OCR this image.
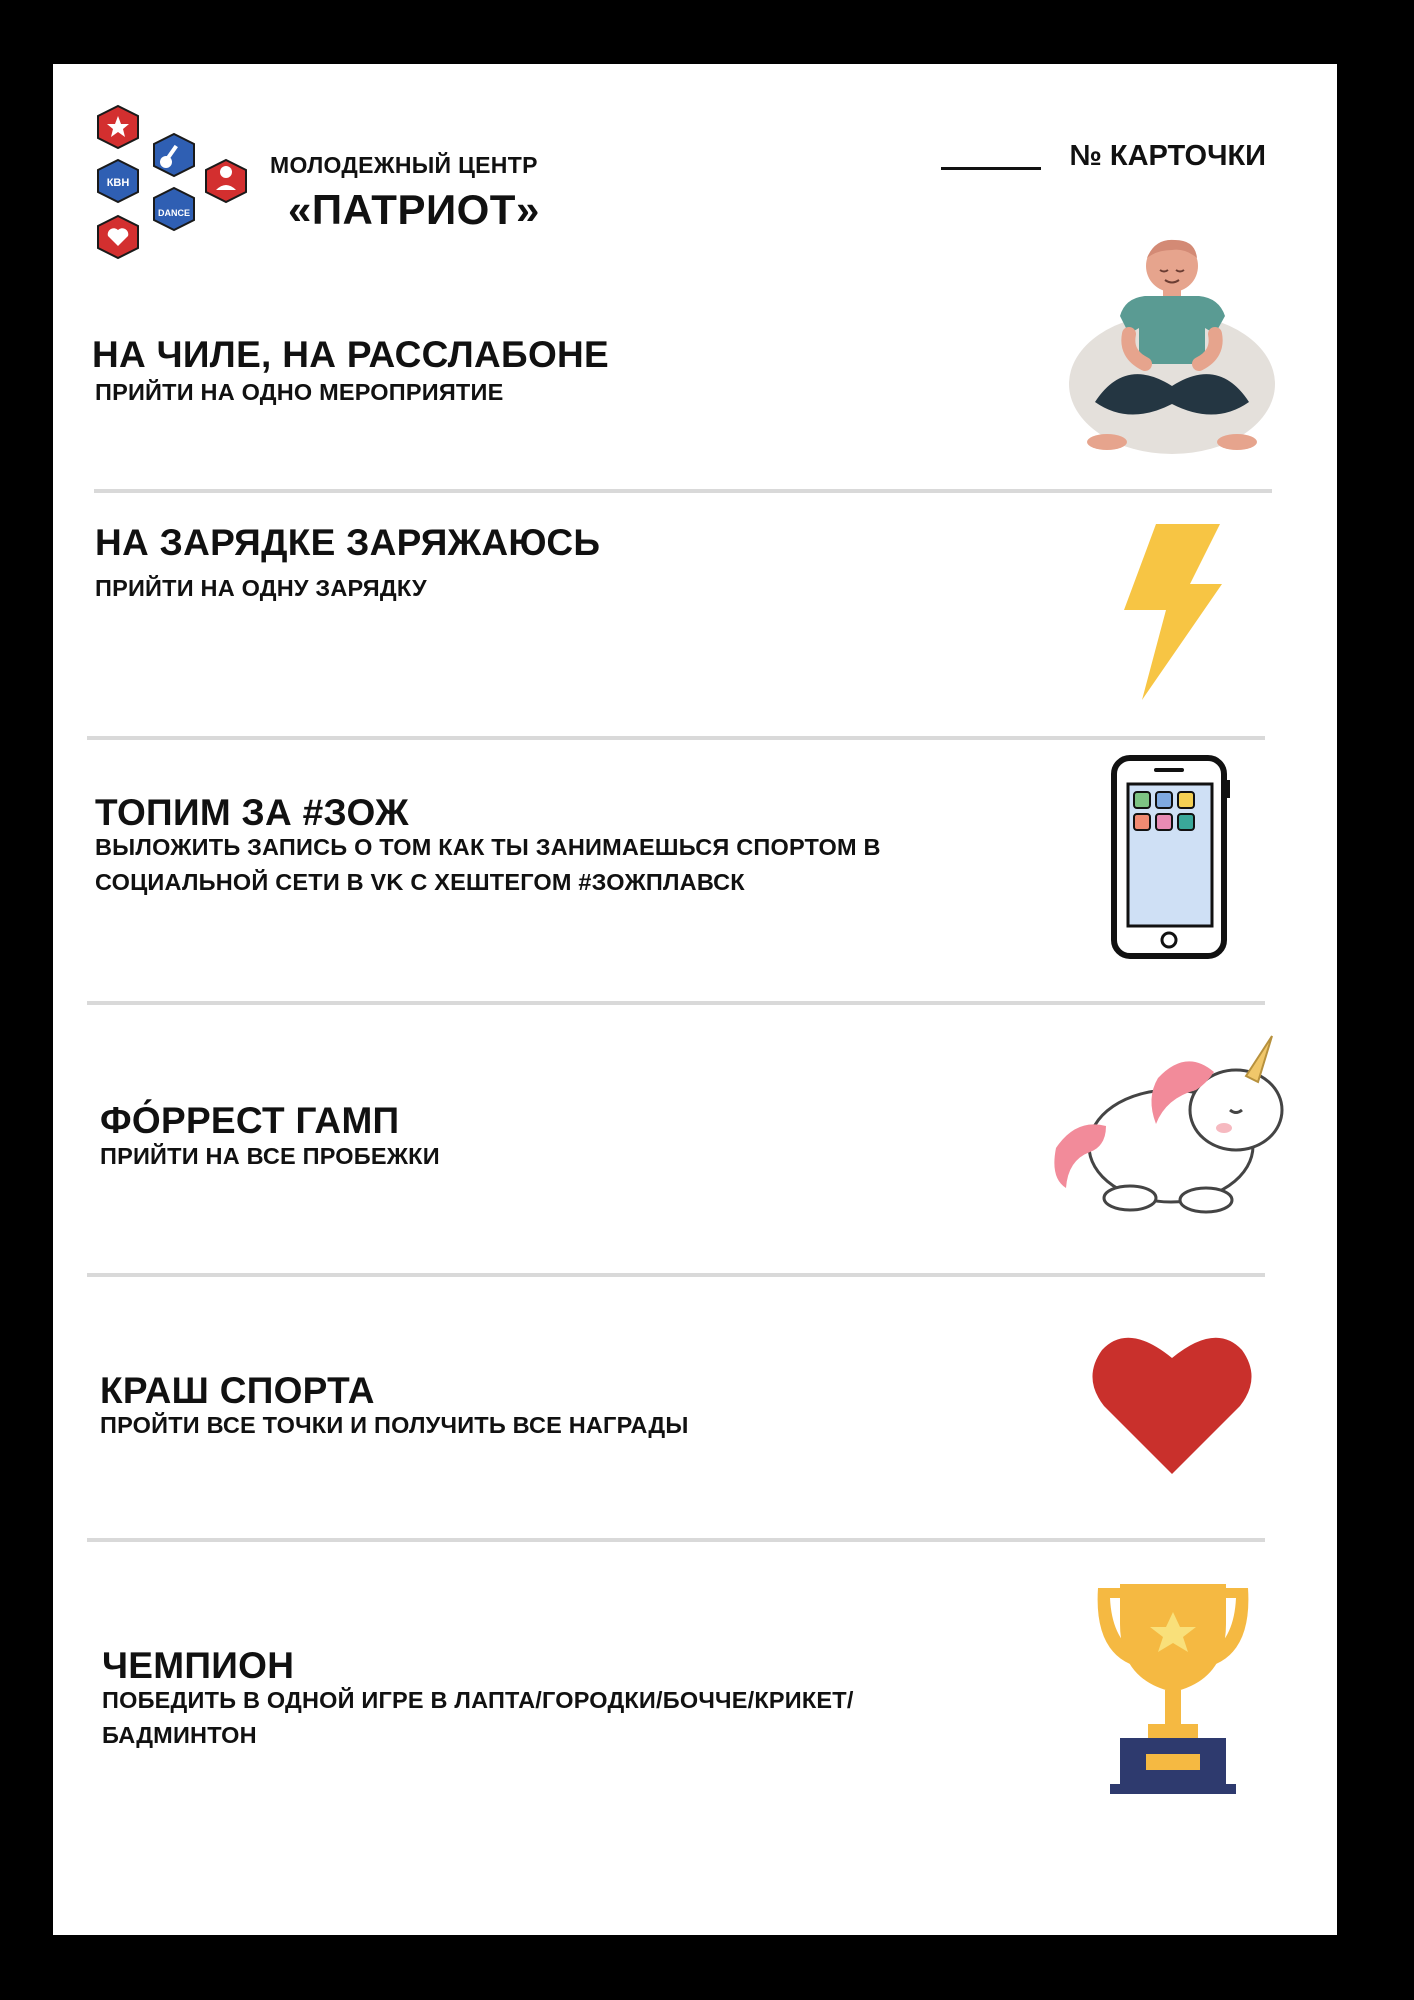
КВН
DANCE
МОЛОДЕЖНЫЙ ЦЕНТР
«ПАТРИОТ»
№ КАРТОЧКИ
НА ЧИЛЕ, НА РАССЛАБОНЕ
ПРИЙТИ НА ОДНО МЕРОПРИЯТИЕ
НА ЗАРЯДКЕ ЗАРЯЖАЮСЬ
ПРИЙТИ НА ОДНУ ЗАРЯДКУ
ТОПИМ ЗА #ЗОЖ
ВЫЛОЖИТЬ ЗАПИСЬ О ТОМ КАК ТЫ ЗАНИМАЕШЬСЯ СПОРТОМ В СОЦИАЛЬНОЙ СЕТИ В VK С ХЕШТЕГОМ #ЗОЖПЛАВСК
ФО́РРЕСТ ГАМП
ПРИЙТИ НА ВСЕ ПРОБЕЖКИ
КРАШ СПОРТА
ПРОЙТИ ВСЕ ТОЧКИ И ПОЛУЧИТЬ ВСЕ НАГРАДЫ
ЧЕМПИОН
ПОБЕДИТЬ В ОДНОЙ ИГРЕ В ЛАПТА/ГОРОДКИ/БОЧЧЕ/КРИКЕТ/ БАДМИНТОН
